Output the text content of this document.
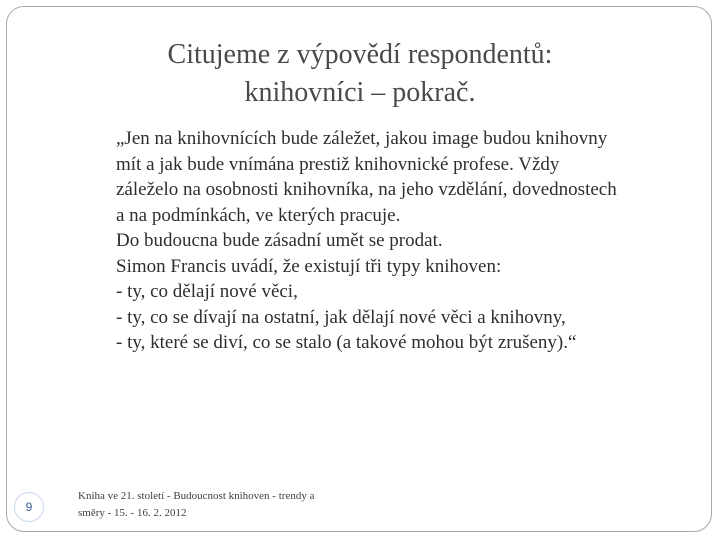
Citujeme z výpovědí respondentů:
knihovníci – pokrač.
„Jen na knihovnících bude záležet, jakou image budou knihovny
mít a jak bude vnímána prestiž knihovnické profese. Vždy
záleželo na osobnosti knihovníka, na jeho vzdělání, dovednostech
a na podmínkách, ve kterých pracuje.
Do budoucna bude zásadní umět se prodat.
Simon Francis uvádí, že existují tři typy knihoven:
- ty, co dělají nové věci,
- ty, co se dívají na ostatní, jak dělají nové věci a knihovny,
- ty, které se diví, co se stalo (a takové mohou být zrušeny).“
9
Kniha ve 21. století - Budoucnost knihoven - trendy a
směry - 15. - 16. 2. 2012
